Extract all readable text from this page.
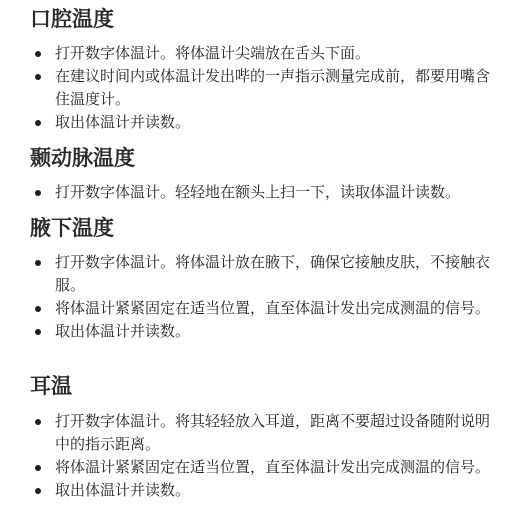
口腔温度
打开数字体温计。将体温计尖端放在舌头下面。
在建议时间内或体温计发出哔的一声指示测量完成前，都要用嘴含住温度计。
取出体温计并读数。
颞动脉温度
打开数字体温计。轻轻地在额头上扫一下，读取体温计读数。
腋下温度
打开数字体温计。将体温计放在腋下，确保它接触皮肤，不接触衣服。
将体温计紧紧固定在适当位置，直至体温计发出完成测温的信号。
取出体温计并读数。
耳温
打开数字体温计。将其轻轻放入耳道，距离不要超过设备随附说明中的指示距离。
将体温计紧紧固定在适当位置，直至体温计发出完成测温的信号。
取出体温计并读数。
